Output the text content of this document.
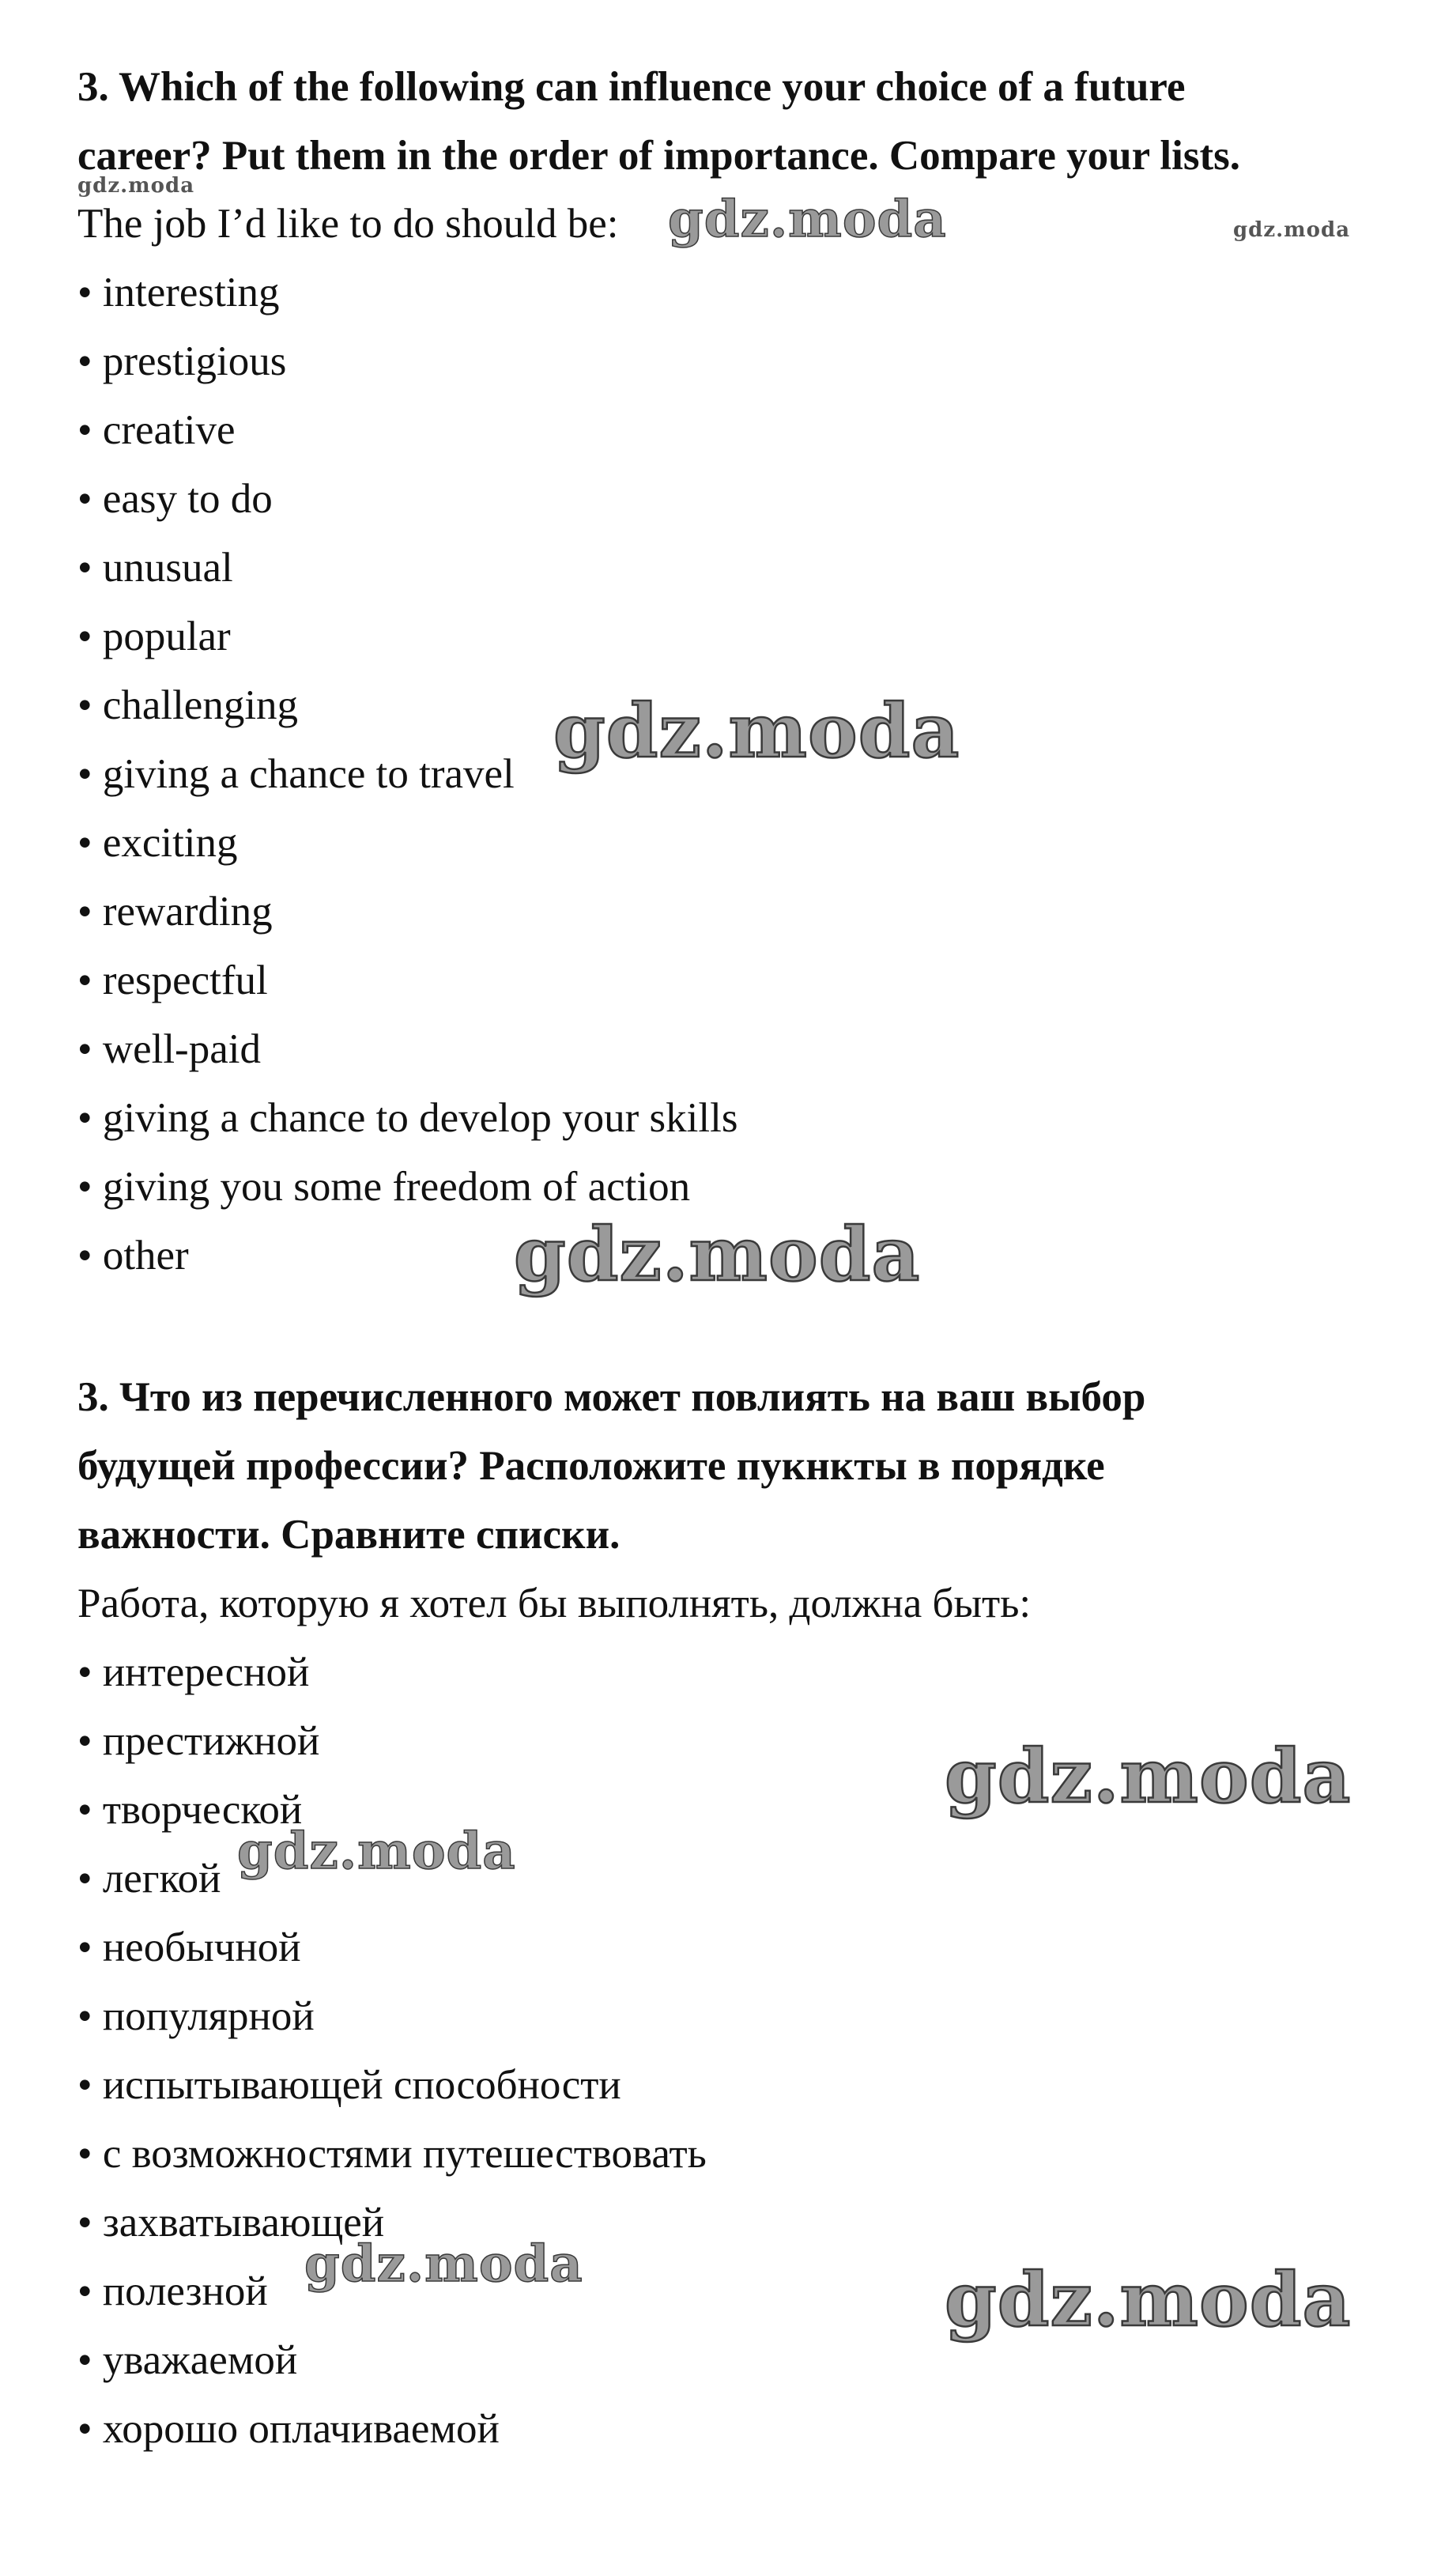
3. Which of the following can influence your choice of a future

career? Put them in the order of importance. Compare your lists.

The job I’d like to do should be:

• interesting

• prestigious

• creative

• easy to do

• unusual

• popular

• challenging

• giving a chance to travel

• exciting

• rewarding

• respectful

• well-paid

• giving a chance to develop your skills

• giving you some freedom of action

• other

3. Что из перечисленного может повлиять на ваш выбор

будущей профессии? Расположите пукнкты в порядке

важности. Сравните списки.

Работа, которую я хотел бы выполнять, должна быть:

• интересной

• престижной

• творческой

• легкой

• необычной

• популярной

• испытывающей способности

• с возможностями путешествовать

• захватывающей

• полезной

• уважаемой

• хорошо оплачиваемой

gdz.moda
gdz.moda	gdz.moda
gdz.moda
gdz.moda
gdz.moda
gdz.moda
gdz.moda	gdz.moda
